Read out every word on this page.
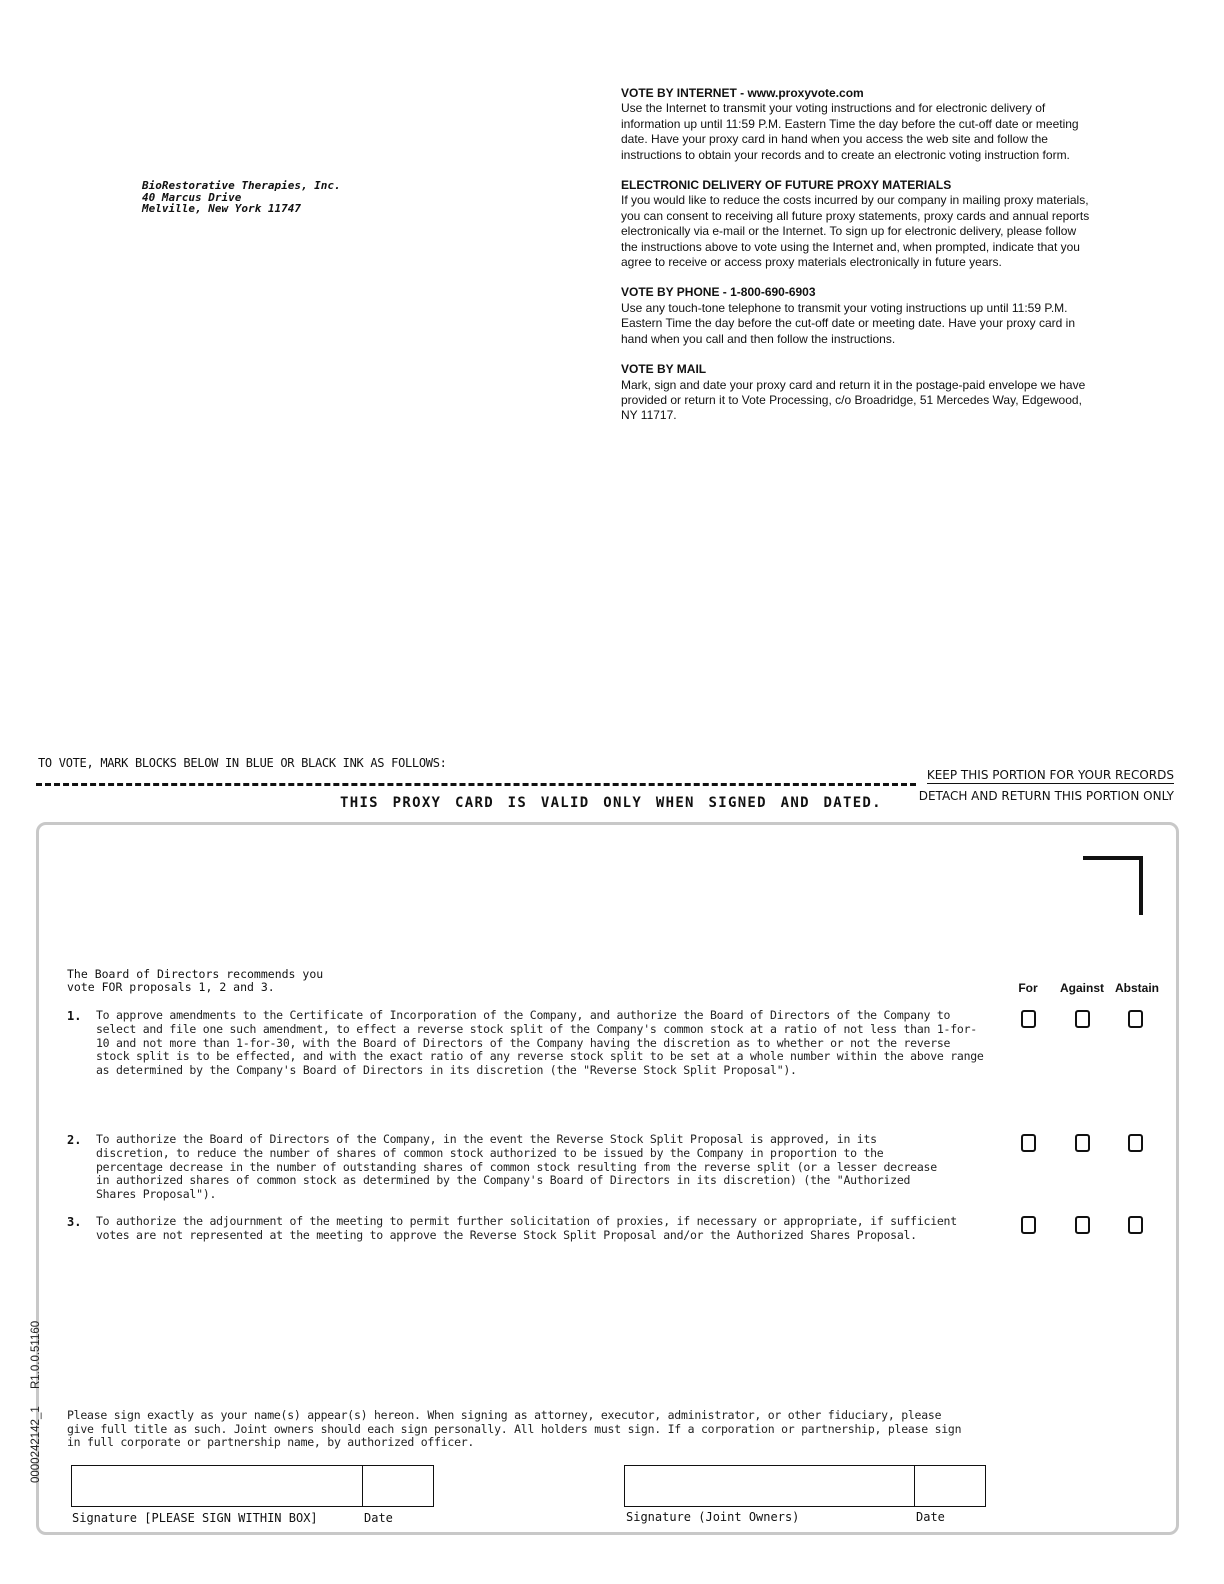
BioRestorative Therapies, Inc.
40 Marcus Drive
Melville, New York 11747
VOTE BY INTERNET - www.proxyvote.com

Use the Internet to transmit your voting instructions and for electronic delivery of information up until 11:59 P.M. Eastern Time the day before the cut-off date or meeting date. Have your proxy card in hand when you access the web site and follow the instructions to obtain your records and to create an electronic voting instruction form.

ELECTRONIC DELIVERY OF FUTURE PROXY MATERIALS

If you would like to reduce the costs incurred by our company in mailing proxy materials, you can consent to receiving all future proxy statements, proxy cards and annual reports electronically via e-mail or the Internet. To sign up for electronic delivery, please follow the instructions above to vote using the Internet and, when prompted, indicate that you agree to receive or access proxy materials electronically in future years.

VOTE BY PHONE - 1-800-690-6903

Use any touch-tone telephone to transmit your voting instructions up until 11:59 P.M. Eastern Time the day before the cut-off date or meeting date. Have your proxy card in hand when you call and then follow the instructions.

VOTE BY MAIL

Mark, sign and date your proxy card and return it in the postage-paid envelope we have provided or return it to Vote Processing, c/o Broadridge, 51 Mercedes Way, Edgewood, NY 11717.

TO VOTE, MARK BLOCKS BELOW IN BLUE OR BLACK INK AS FOLLOWS:
KEEP THIS PORTION FOR YOUR RECORDS
DETACH AND RETURN THIS PORTION ONLY
THIS PROXY CARD IS VALID ONLY WHEN SIGNED AND DATED.
The Board of Directors recommends you
vote FOR proposals 1, 2 and 3.	For	Against Abstain
1. To approve amendments to the Certificate of Incorporation of the Company, and authorize the Board of Directors of the Company to select and file one such amendment, to effect a reverse stock split of the Company's common stock at a ratio of not less than 1-for-10 and not more than 1-for-30, with the Board of Directors of the Company having the discretion as to whether or not the reverse stock split is to be effected, and with the exact ratio of any reverse stock split to be set at a whole number within the above range as determined by the Company's Board of Directors in its discretion (the "Reverse Stock Split Proposal").
2. To authorize the Board of Directors of the Company, in the event the Reverse Stock Split Proposal is approved, in its discretion, to reduce the number of shares of common stock authorized to be issued by the Company in proportion to the percentage decrease in the number of outstanding shares of common stock resulting from the reverse split (or a lesser decrease in authorized shares of common stock as determined by the Company's Board of Directors in its discretion) (the "Authorized Shares Proposal").
3. To authorize the adjournment of the meeting to permit further solicitation of proxies, if necessary or appropriate, if sufficient votes are not represented at the meeting to approve the Reverse Stock Split Proposal and/or the Authorized Shares Proposal.
0000242142_1 R1.0.0.51160
Please sign exactly as your name(s) appear(s) hereon. When signing as attorney, executor, administrator, or other fiduciary, please give full title as such. Joint owners should each sign personally. All holders must sign. If a corporation or partnership, please sign in full corporate or partnership name, by authorized officer.
Signature [PLEASE SIGN WITHIN BOX]	Date	Signature (Joint Owners)	Date
